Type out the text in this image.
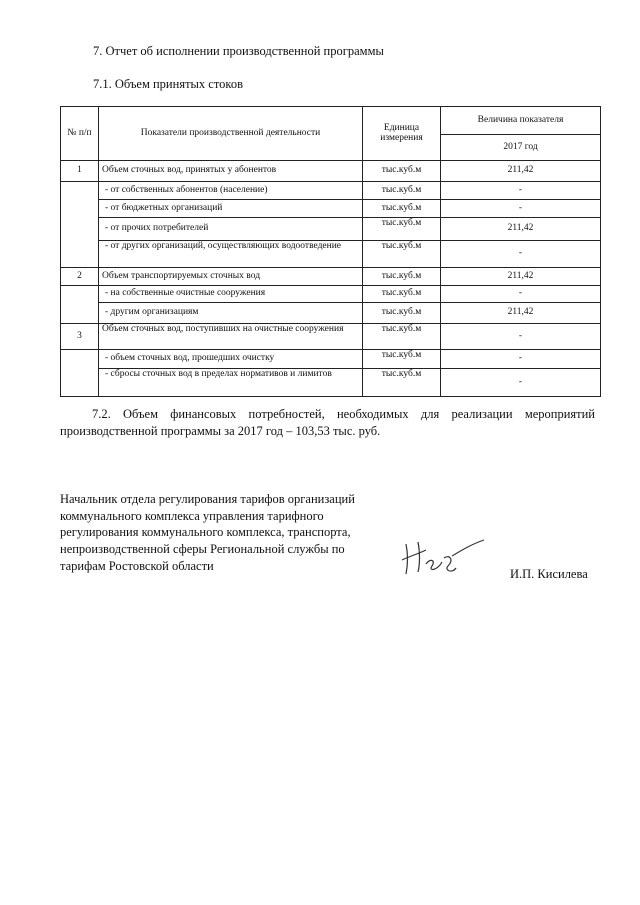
7. Отчет об исполнении производственной программы
7.1. Объем принятых стоков
№ п/п	Показатели производственной деятельности	Единица измерения	Величина показателя
			2017 год
1	Объем сточных вод, принятых у абонентов	тыс.куб.м	211,42
	- от собственных абонентов (население)	тыс.куб.м	-
	- от бюджетных организаций	тыс.куб.м	-
	- от прочих потребителей	тыс.куб.м	211,42
	- от других организаций, осуществляющих водоотведение	тыс.куб.м	-
2	Объем транспортируемых сточных вод	тыс.куб.м	211,42
	- на собственные очистные сооружения	тыс.куб.м	-
	- другим организациям	тыс.куб.м	211,42
3	Объем сточных вод, поступивших на очистные сооружения	тыс.куб.м	-
	- объем сточных вод, прошедших очистку	тыс.куб.м	-
	- сбросы сточных вод в пределах нормативов и лимитов	тыс.куб.м	-
7.2. Объем финансовых потребностей, необходимых для реализации мероприятий производственной программы за 2017 год – 103,53 тыс. руб.
Начальник отдела регулирования тарифов организаций
коммунального комплекса управления тарифного
регулирования коммунального комплекса, транспорта,
непроизводственной сферы Региональной службы по
тарифам Ростовской области
И.П. Кисилева
